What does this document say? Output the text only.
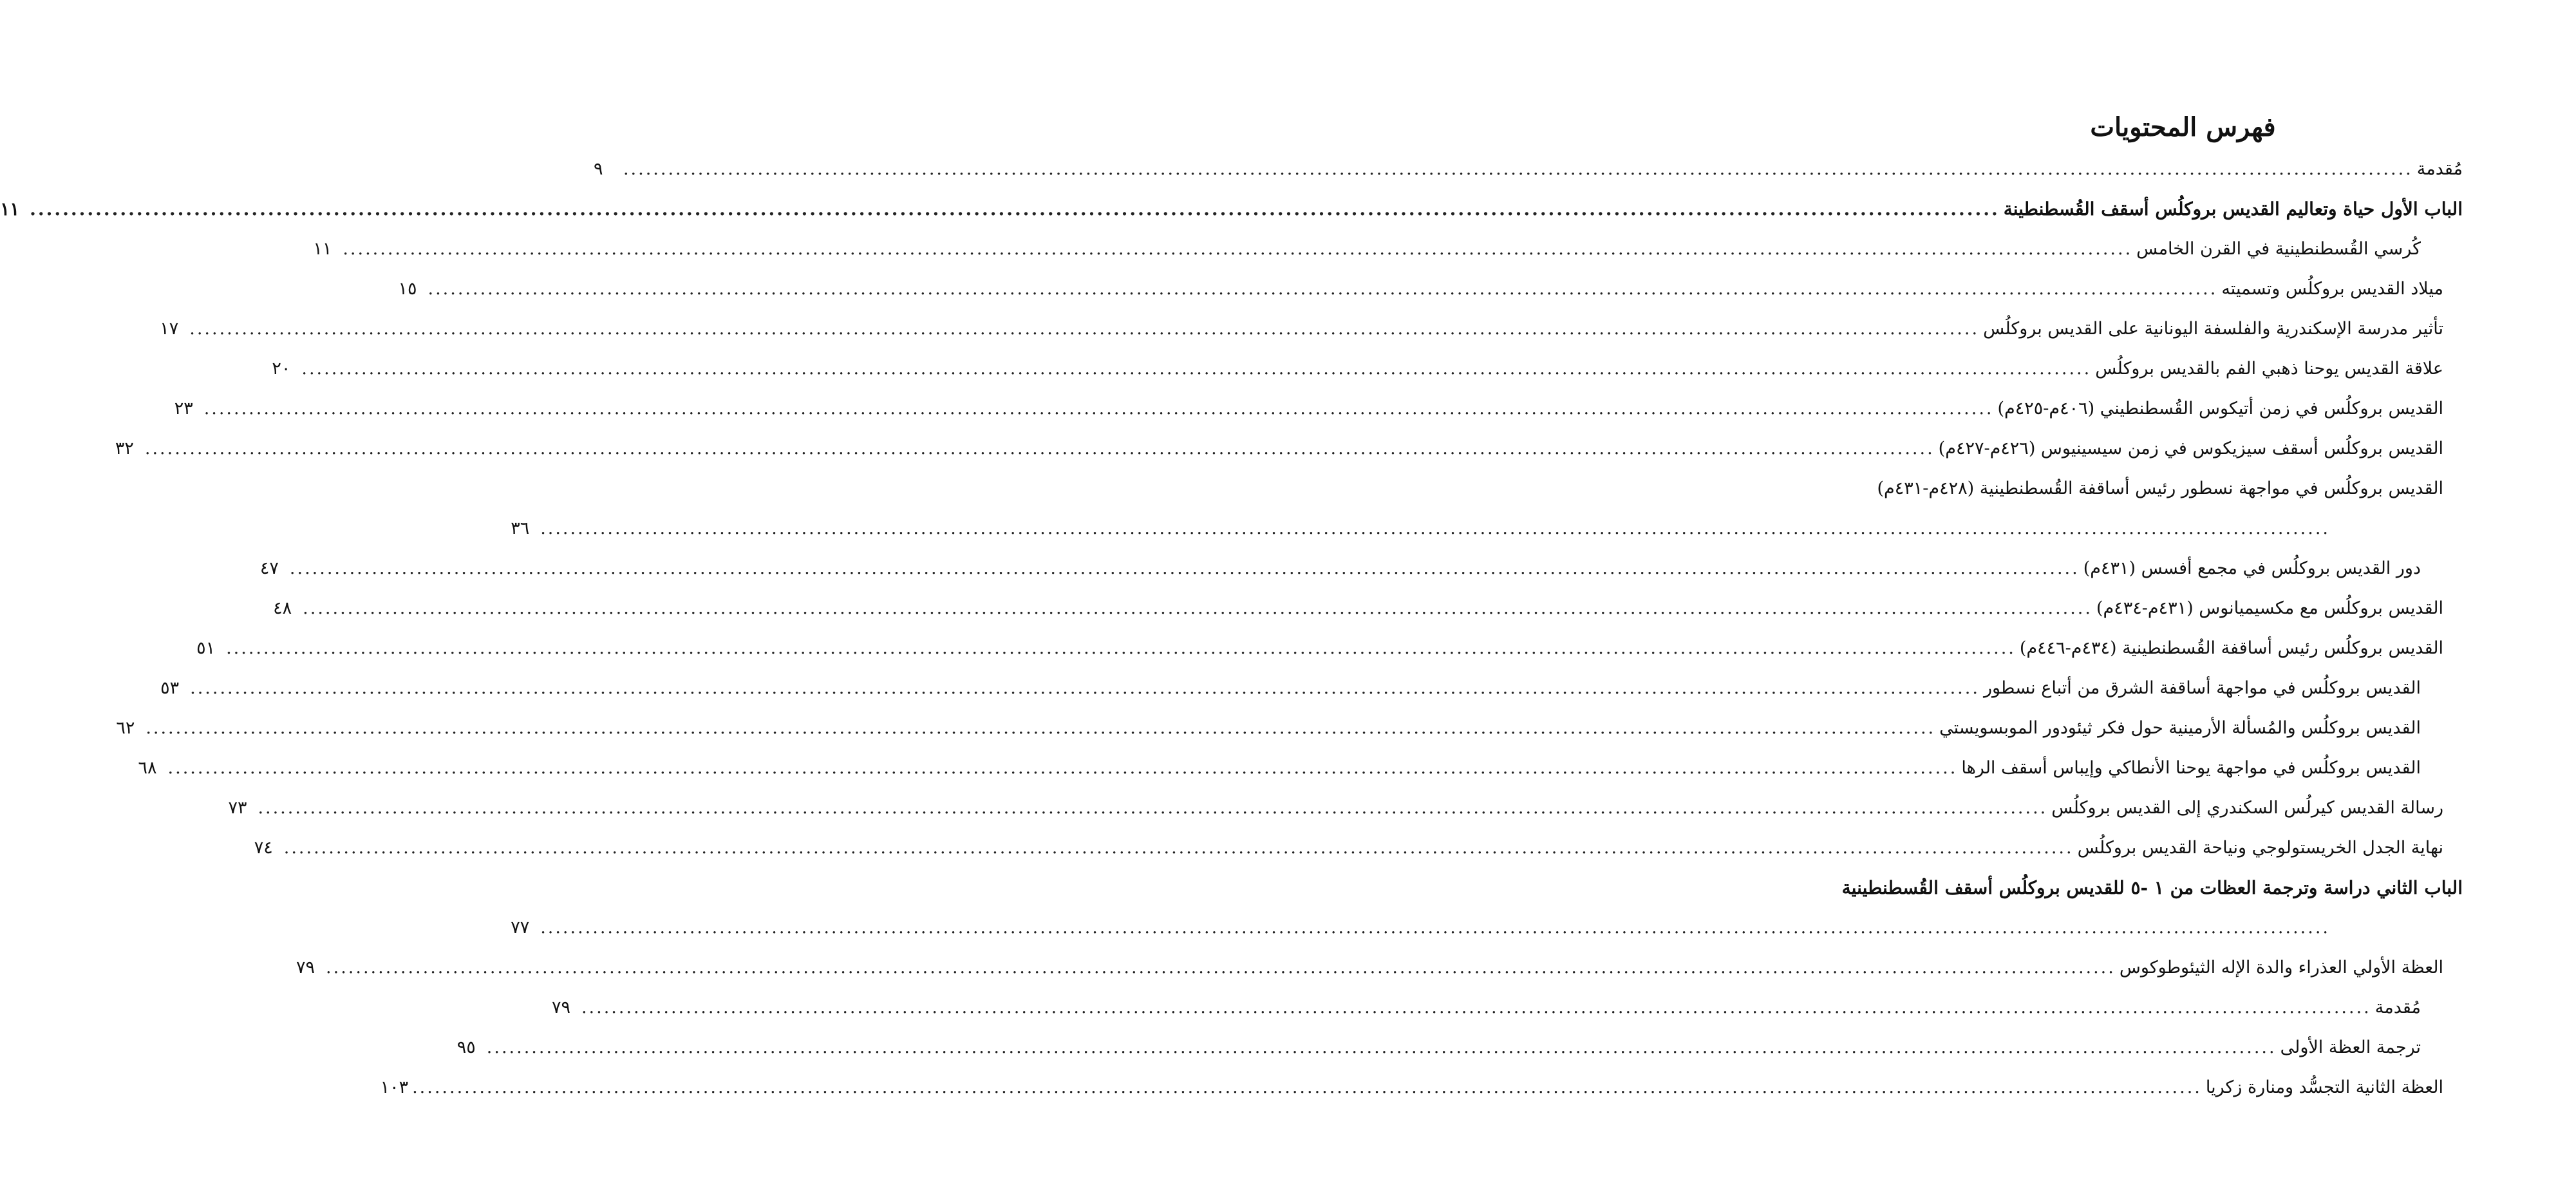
فهرس المحتويات
مُقدمة
.....
٩
الباب الأول حياة وتعاليم القديس بروكلُس أسقف القُسطنطينة
.....
١١
كُرسي القُسطنطينية في القرن الخامس
.....
١١
ميلاد القديس بروكلُس وتسميته
.....
١٥
تأثير مدرسة الإسكندرية والفلسفة اليونانية على القديس بروكلُس
.....
١٧
علاقة القديس يوحنا ذهبي الفم بالقديس بروكلُس
.....
٢٠
القديس بروكلُس في زمن أتيكوس القُسطنطيني (٤٠٦م-٤٢٥م)
.....
٢٣
القديس بروكلُس أسقف سيزيكوس في زمن سيسينيوس (٤٢٦م-٤٢٧م)
.....
٣٢
القديس بروكلُس في مواجهة نسطور رئيس أساقفة القُسطنطينية (٤٢٨م-٤٣١م)
.....
٣٦
دور القديس بروكلُس في مجمع أفسس (٤٣١م)
.....
٤٧
القديس بروكلُس مع مكسيميانوس (٤٣١م-٤٣٤م)
.....
٤٨
القديس بروكلُس رئيس أساقفة القُسطنطينية (٤٣٤م-٤٤٦م)
.....
٥١
القديس بروكلُس في مواجهة أساقفة الشرق من أتباع نسطور
.....
٥٣
القديس بروكلُس والمُسألة الأرمينية حول فكر ثيئودور الموبسويستي
.....
٦٢
القديس بروكلُس في مواجهة يوحنا الأنطاكي وإيباس أسقف الرها
.....
٦٨
رسالة القديس كيرلُس السكندري إلى القديس بروكلُس
.....
٧٣
نهاية الجدل الخريستولوجي ونياحة القديس بروكلُس
.....
٧٤
الباب الثاني دراسة وترجمة العظات من ١ -٥ للقديس بروكلُس أسقف القُسطنطينية
.....
٧٧
العظة الأولي العذراء والدة الإله الثيئوطوكوس
.....
٧٩
مُقدمة
.....
٧٩
ترجمة العظة الأولى
.....
٩٥
العظة الثانية التجسُّد ومنارة زكريا
.....
١٠٣
